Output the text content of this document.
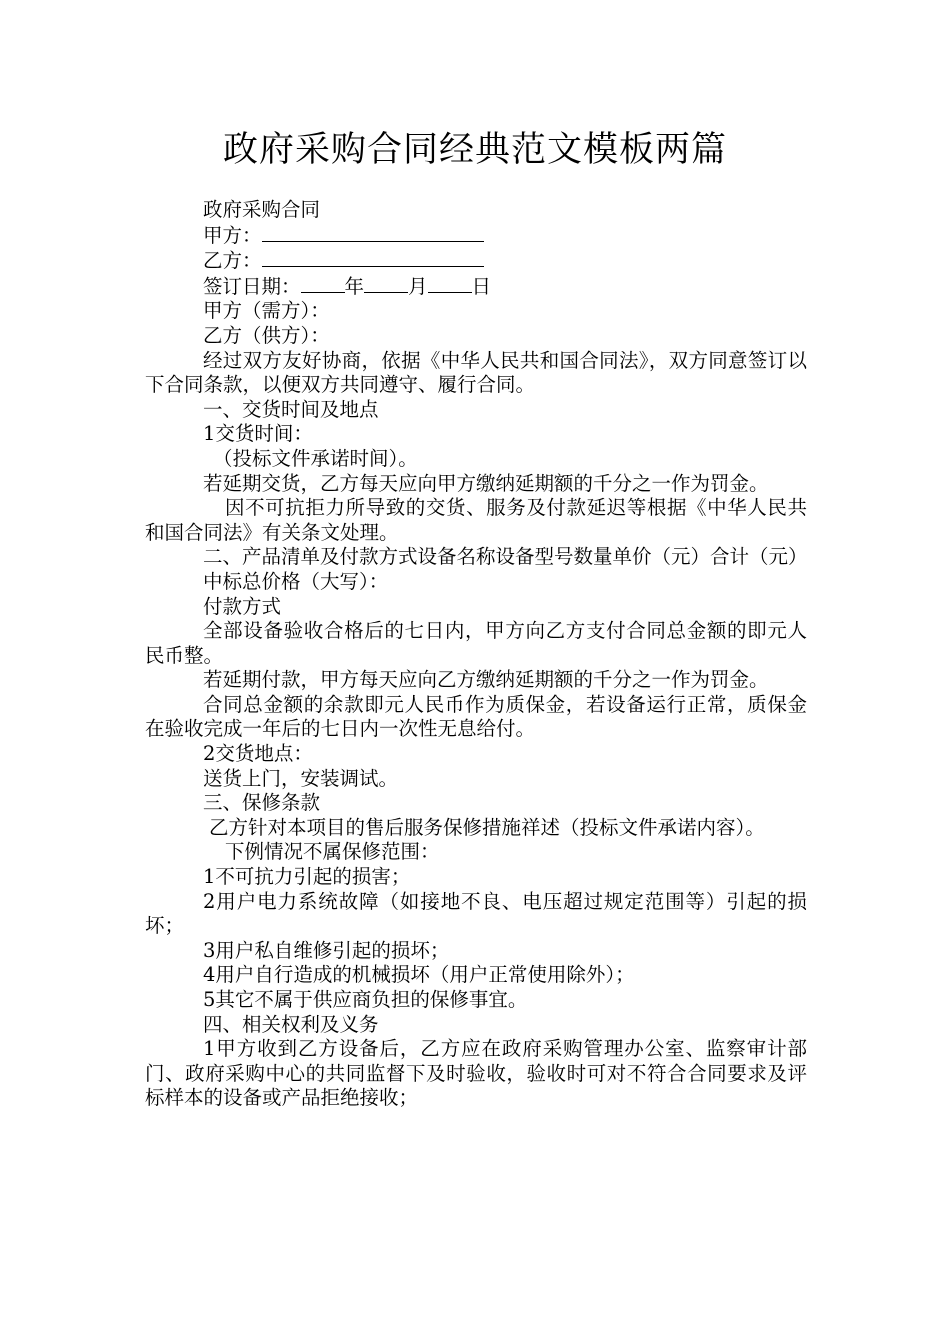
政府采购合同经典范文模板两篇

政府采购合同

甲方：

乙方：

签订日期： 年 月 日

甲方（需方）：

乙方（供方）：

经过双方友好协商，依据《中华人民共和国合同法》，双方同意签订以下合同条款，以便双方共同遵守、履行合同。

一、交货时间及地点

1交货时间：

（投标文件承诺时间）。

若延期交货，乙方每天应向甲方缴纳延期额的千分之一作为罚金。

因不可抗拒力所导致的交货、服务及付款延迟等根据《中华人民共和国合同法》有关条文处理。

二、产品清单及付款方式设备名称设备型号数量单价（元）合计（元）

中标总价格（大写）：

付款方式

全部设备验收合格后的七日内，甲方向乙方支付合同总金额的即元人民币整。

若延期付款，甲方每天应向乙方缴纳延期额的千分之一作为罚金。

合同总金额的余款即元人民币作为质保金，若设备运行正常，质保金在验收完成一年后的七日内一次性无息给付。

2交货地点：

送货上门，安装调试。

三、保修条款

乙方针对本项目的售后服务保修措施祥述（投标文件承诺内容）。

下例情况不属保修范围：

1不可抗力引起的损害；

2用户电力系统故障（如接地不良、电压超过规定范围等）引起的损坏；

3用户私自维修引起的损坏；

4用户自行造成的机械损坏（用户正常使用除外）；

5其它不属于供应商负担的保修事宜。

四、相关权利及义务

1甲方收到乙方设备后，乙方应在政府采购管理办公室、监察审计部门、政府采购中心的共同监督下及时验收，验收时可对不符合合同要求及评标样本的设备或产品拒绝接收；
